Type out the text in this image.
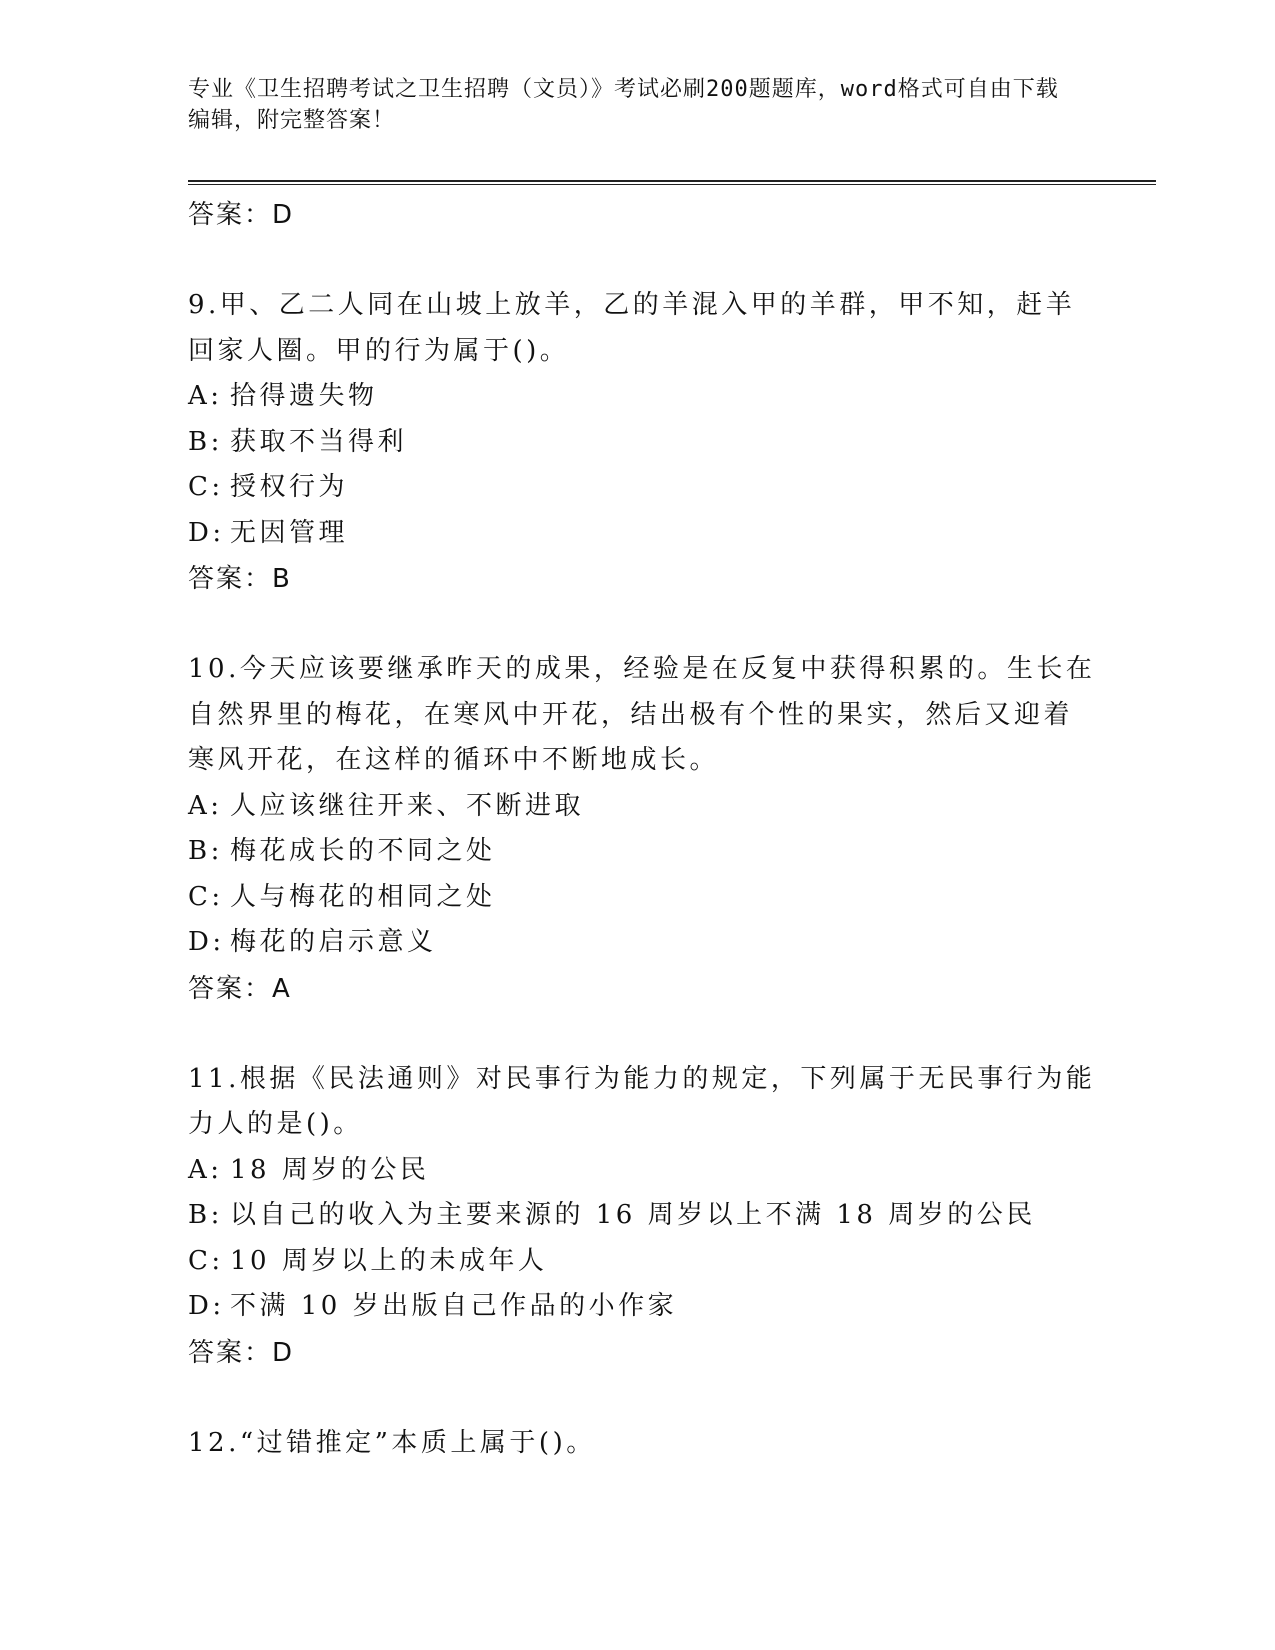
专业《卫生招聘考试之卫生招聘（文员）》考试必刷200题题库，word格式可自由下载编辑，附完整答案！

答案：D

9.甲、乙二人同在山坡上放羊，乙的羊混入甲的羊群，甲不知，赶羊回家人圈。甲的行为属于()。

A: 拾得遗失物

B: 获取不当得利

C: 授权行为

D: 无因管理

答案：B

10.今天应该要继承昨天的成果，经验是在反复中获得积累的。生长在自然界里的梅花，在寒风中开花，结出极有个性的果实，然后又迎着寒风开花，在这样的循环中不断地成长。

A: 人应该继往开来、不断进取

B: 梅花成长的不同之处

C: 人与梅花的相同之处

D: 梅花的启示意义

答案：A

11.根据《民法通则》对民事行为能力的规定，下列属于无民事行为能力人的是()。

A: 18 周岁的公民

B: 以自己的收入为主要来源的 16 周岁以上不满 18 周岁的公民

C: 10 周岁以上的未成年人

D: 不满 10 岁出版自己作品的小作家

答案：D

12.“过错推定”本质上属于()。
